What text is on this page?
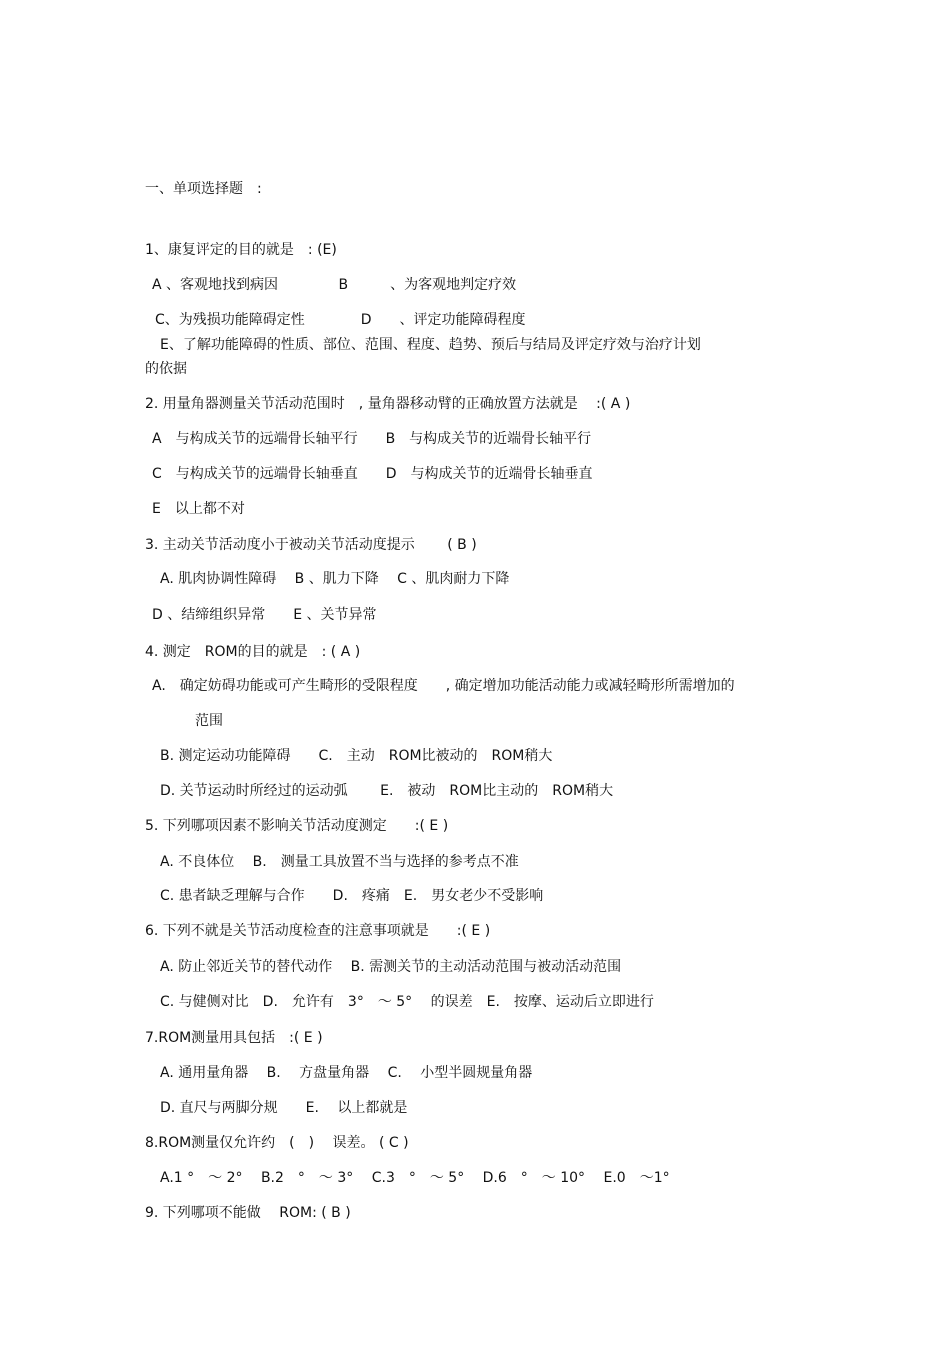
一、单项选择题　:
1、康复评定的目的就是　: (E)
A 、客观地找到病因　　　　 B　　　、为客观地判定疗效
C、为残损功能障碍定性　　　　D　　、评定功能障碍程度
E、了解功能障碍的性质、部位、范围、程度、趋势、预后与结局及评定疗效与治疗计划
的依据
2. 用量角器测量关节活动范围时　, 量角器移动臂的正确放置方法就是　 :( A )
A　与构成关节的远端骨长轴平行　　B　与构成关节的近端骨长轴平行
C　与构成关节的远端骨长轴垂直　　D　与构成关节的近端骨长轴垂直
E　以上都不对
3. 主动关节活动度小于被动关节活动度提示　　 ( B )
A. 肌肉协调性障碍　 B 、肌力下降　 C 、肌肉耐力下降
D 、结缔组织异常　　E 、关节异常
4. 测定　ROM的目的就是　: ( A )
A.　确定妨碍功能或可产生畸形的受限程度　　, 确定增加功能活动能力或减轻畸形所需增加的
范围
B. 测定运动功能障碍　　C.　主动　ROM比被动的　ROM稍大
D. 关节运动时所经过的运动弧　　 E.　被动　ROM比主动的　ROM稍大
5. 下列哪项因素不影响关节活动度测定　　:( E )
A. 不良体位　 B.　测量工具放置不当与选择的参考点不准
C. 患者缺乏理解与合作　　D.　疼痛　E.　男女老少不受影响
6. 下列不就是关节活动度检查的注意事项就是　　:( E )
A. 防止邻近关节的替代动作　 B. 需测关节的主动活动范围与被动活动范围
C. 与健侧对比　D.　允许有　3°　～ 5°　 的误差　E.　按摩、运动后立即进行
7.ROM测量用具包括　:( E )
A. 通用量角器　 B.　 方盘量角器　 C.　 小型半圆规量角器
D. 直尺与两脚分规　　E.　 以上都就是
8.ROM测量仅允许约　(　)　 误差。 ( C )
A.1 °　～ 2°　 B.2　°　～ 3°　 C.3　°　～ 5°　 D.6　°　～ 10°　 E.0　～1°
9. 下列哪项不能做　 ROM: ( B )
